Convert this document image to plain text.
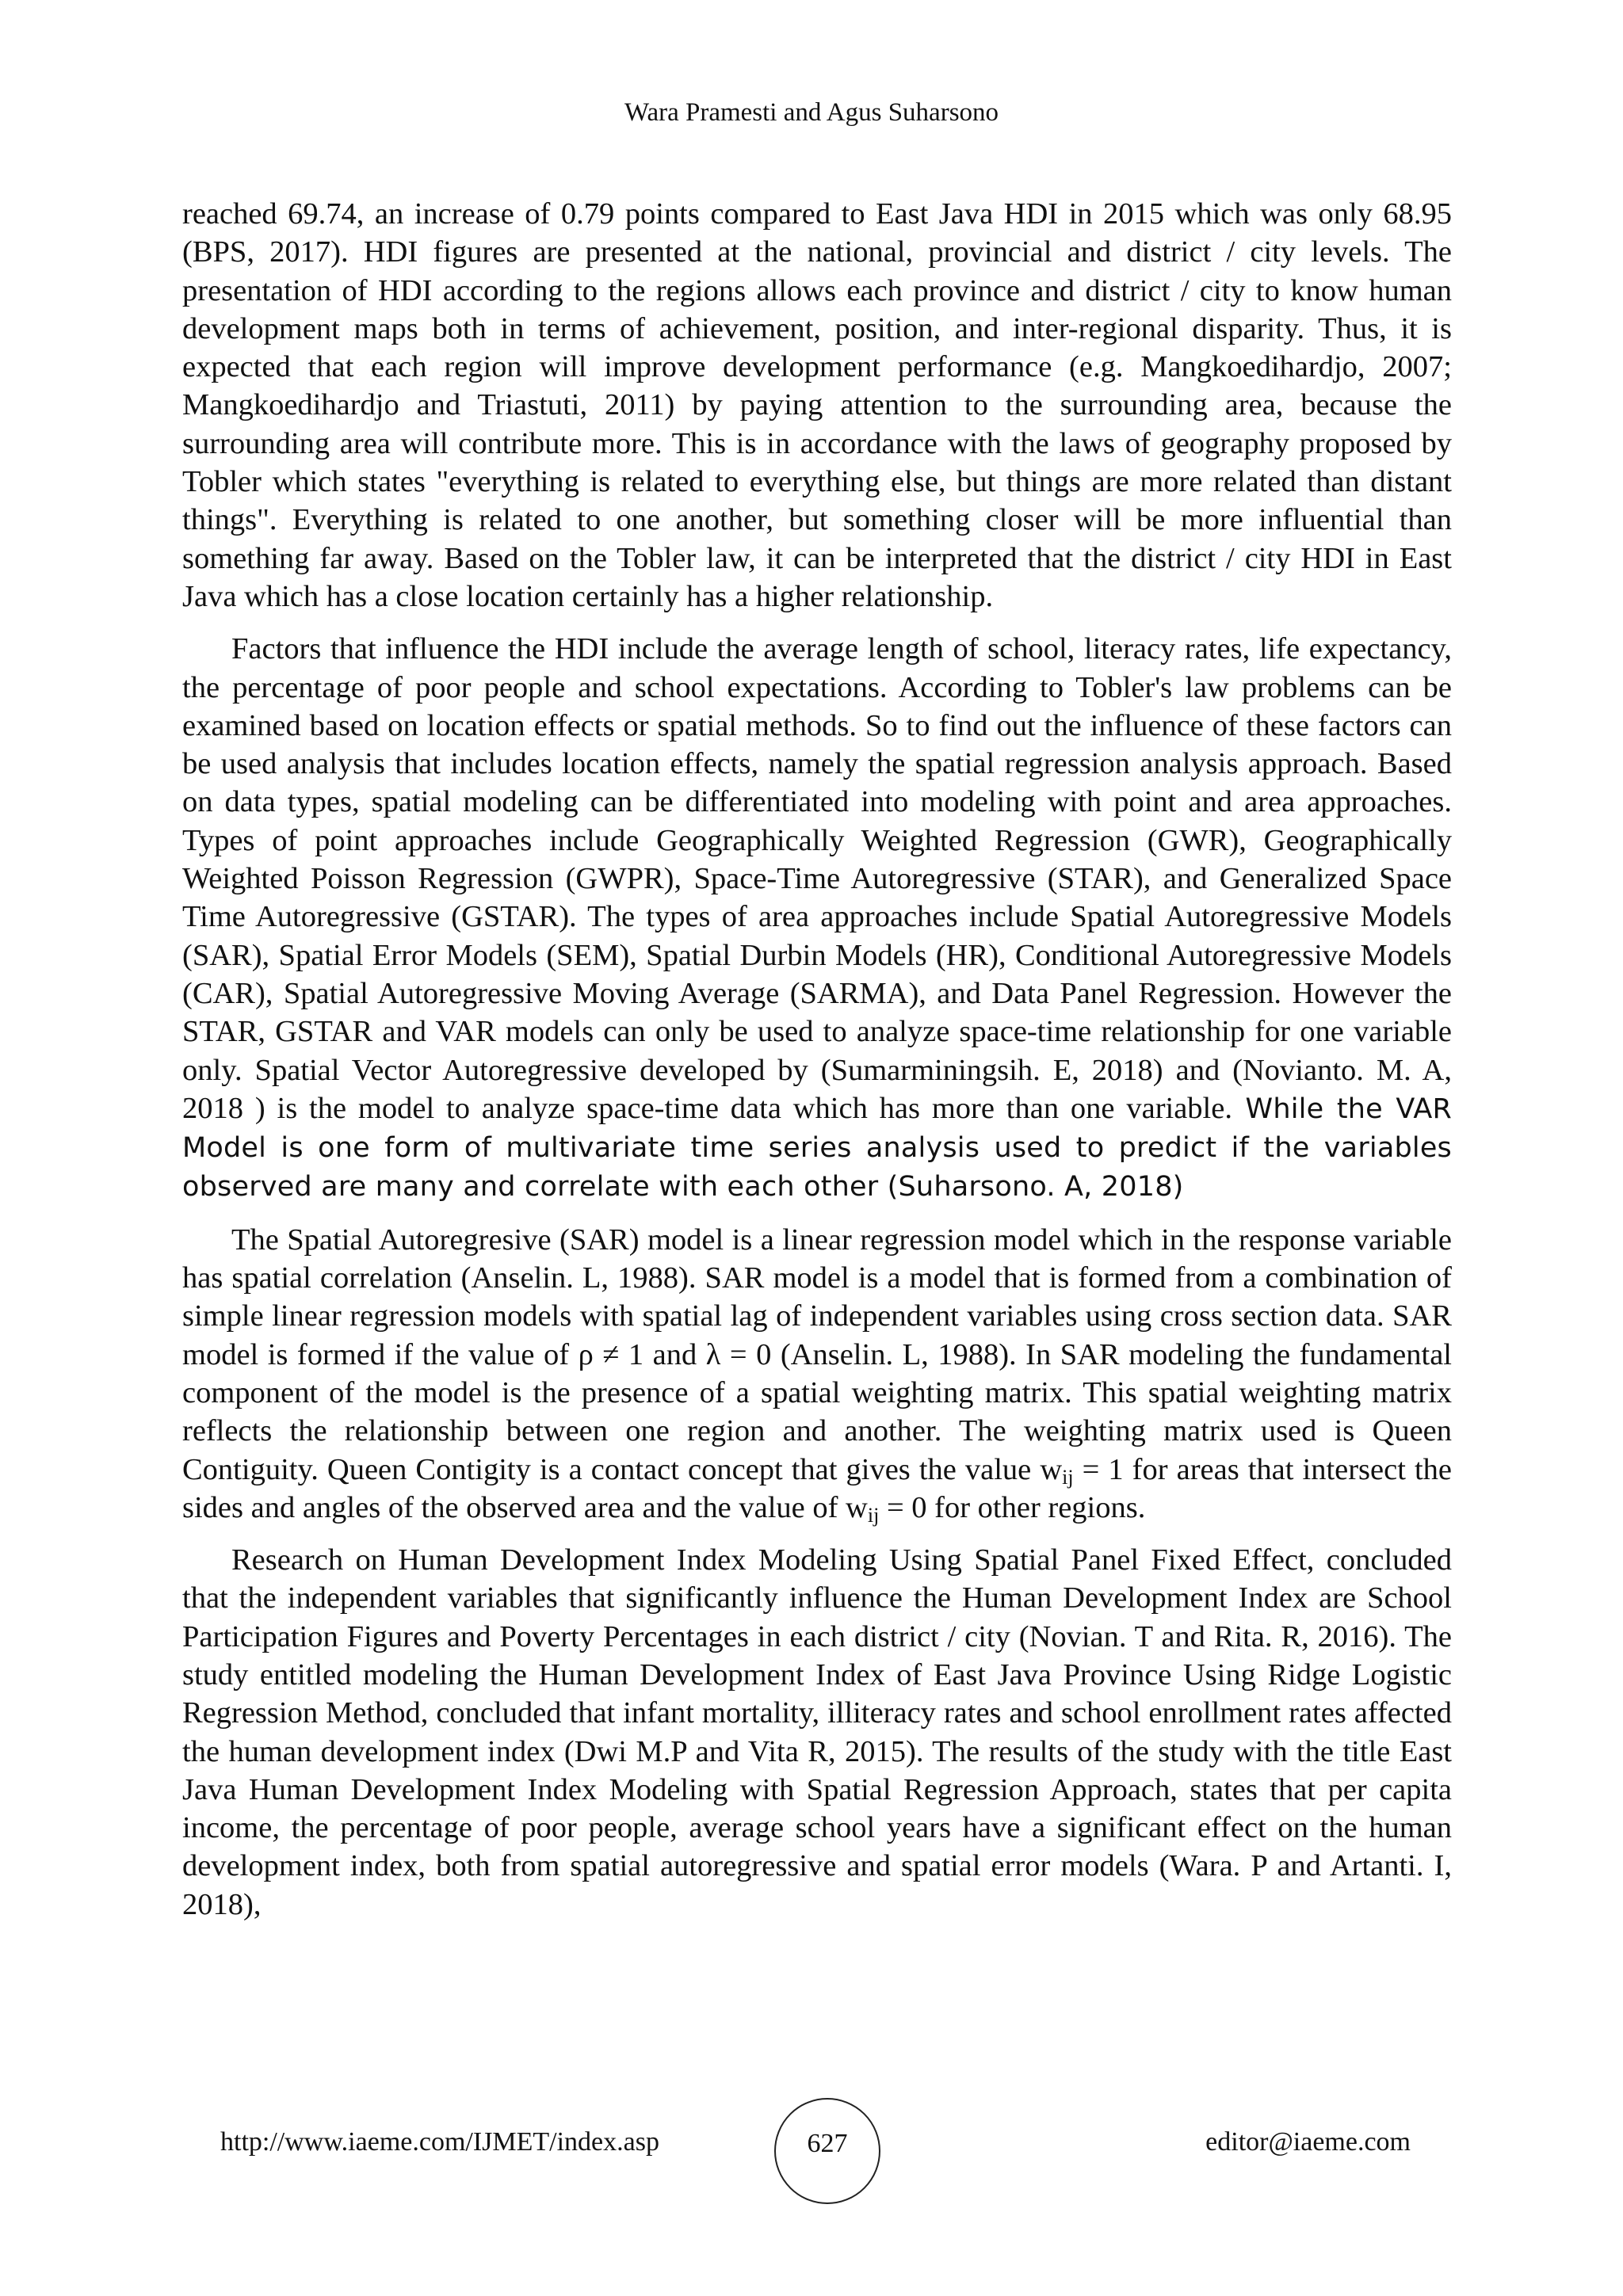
Wara Pramesti and Agus Suharsono

reached 69.74, an increase of 0.79 points compared to East Java HDI in 2015 which was only 68.95 (BPS, 2017). HDI figures are presented at the national, provincial and district / city levels. The presentation of HDI according to the regions allows each province and district / city to know human development maps both in terms of achievement, position, and inter-regional disparity. Thus, it is expected that each region will improve development performance (e.g. Mangkoedihardjo, 2007; Mangkoedihardjo and Triastuti, 2011) by paying attention to the surrounding area, because the surrounding area will contribute more. This is in accordance with the laws of geography proposed by Tobler which states "everything is related to everything else, but things are more related than distant things". Everything is related to one another, but something closer will be more influential than something far away. Based on the Tobler law, it can be interpreted that the district / city HDI in East Java which has a close location certainly has a higher relationship.

Factors that influence the HDI include the average length of school, literacy rates, life expectancy, the percentage of poor people and school expectations. According to Tobler's law problems can be examined based on location effects or spatial methods. So to find out the influence of these factors can be used analysis that includes location effects, namely the spatial regression analysis approach. Based on data types, spatial modeling can be differentiated into modeling with point and area approaches. Types of point approaches include Geographically Weighted Regression (GWR), Geographically Weighted Poisson Regression (GWPR), Space-Time Autoregressive (STAR), and Generalized Space Time Autoregressive (GSTAR). The types of area approaches include Spatial Autoregressive Models (SAR), Spatial Error Models (SEM), Spatial Durbin Models (HR), Conditional Autoregressive Models (CAR), Spatial Autoregressive Moving Average (SARMA), and Data Panel Regression. However the STAR, GSTAR and VAR models can only be used to analyze space-time relationship for one variable only. Spatial Vector Autoregressive developed by (Sumarminingsih. E, 2018) and (Novianto. M. A, 2018 ) is the model to analyze space-time data which has more than one variable. While the VAR Model is one form of multivariate time series analysis used to predict if the variables observed are many and correlate with each other (Suharsono. A, 2018)

The Spatial Autoregresive (SAR) model is a linear regression model which in the response variable has spatial correlation (Anselin. L, 1988). SAR model is a model that is formed from a combination of simple linear regression models with spatial lag of independent variables using cross section data. SAR model is formed if the value of ρ ≠ 1 and λ = 0 (Anselin. L, 1988). In SAR modeling the fundamental component of the model is the presence of a spatial weighting matrix. This spatial weighting matrix reflects the relationship between one region and another. The weighting matrix used is Queen Contiguity. Queen Contigity is a contact concept that gives the value $w_{ij} = 1$ for areas that intersect the sides and angles of the observed area and the value of $w_{ij} = 0$ for other regions.

Research on Human Development Index Modeling Using Spatial Panel Fixed Effect, concluded that the independent variables that significantly influence the Human Development Index are School Participation Figures and Poverty Percentages in each district / city (Novian. T and Rita. R, 2016). The study entitled modeling the Human Development Index of East Java Province Using Ridge Logistic Regression Method, concluded that infant mortality, illiteracy rates and school enrollment rates affected the human development index (Dwi M.P and Vita R, 2015). The results of the study with the title East Java Human Development Index Modeling with Spatial Regression Approach, states that per capita income, the percentage of poor people, average school years have a significant effect on the human development index, both from spatial autoregressive and spatial error models (Wara. P and Artanti. I, 2018),

http://www.iaeme.com/IJMET/index.asp	627	editor@iaeme.com
